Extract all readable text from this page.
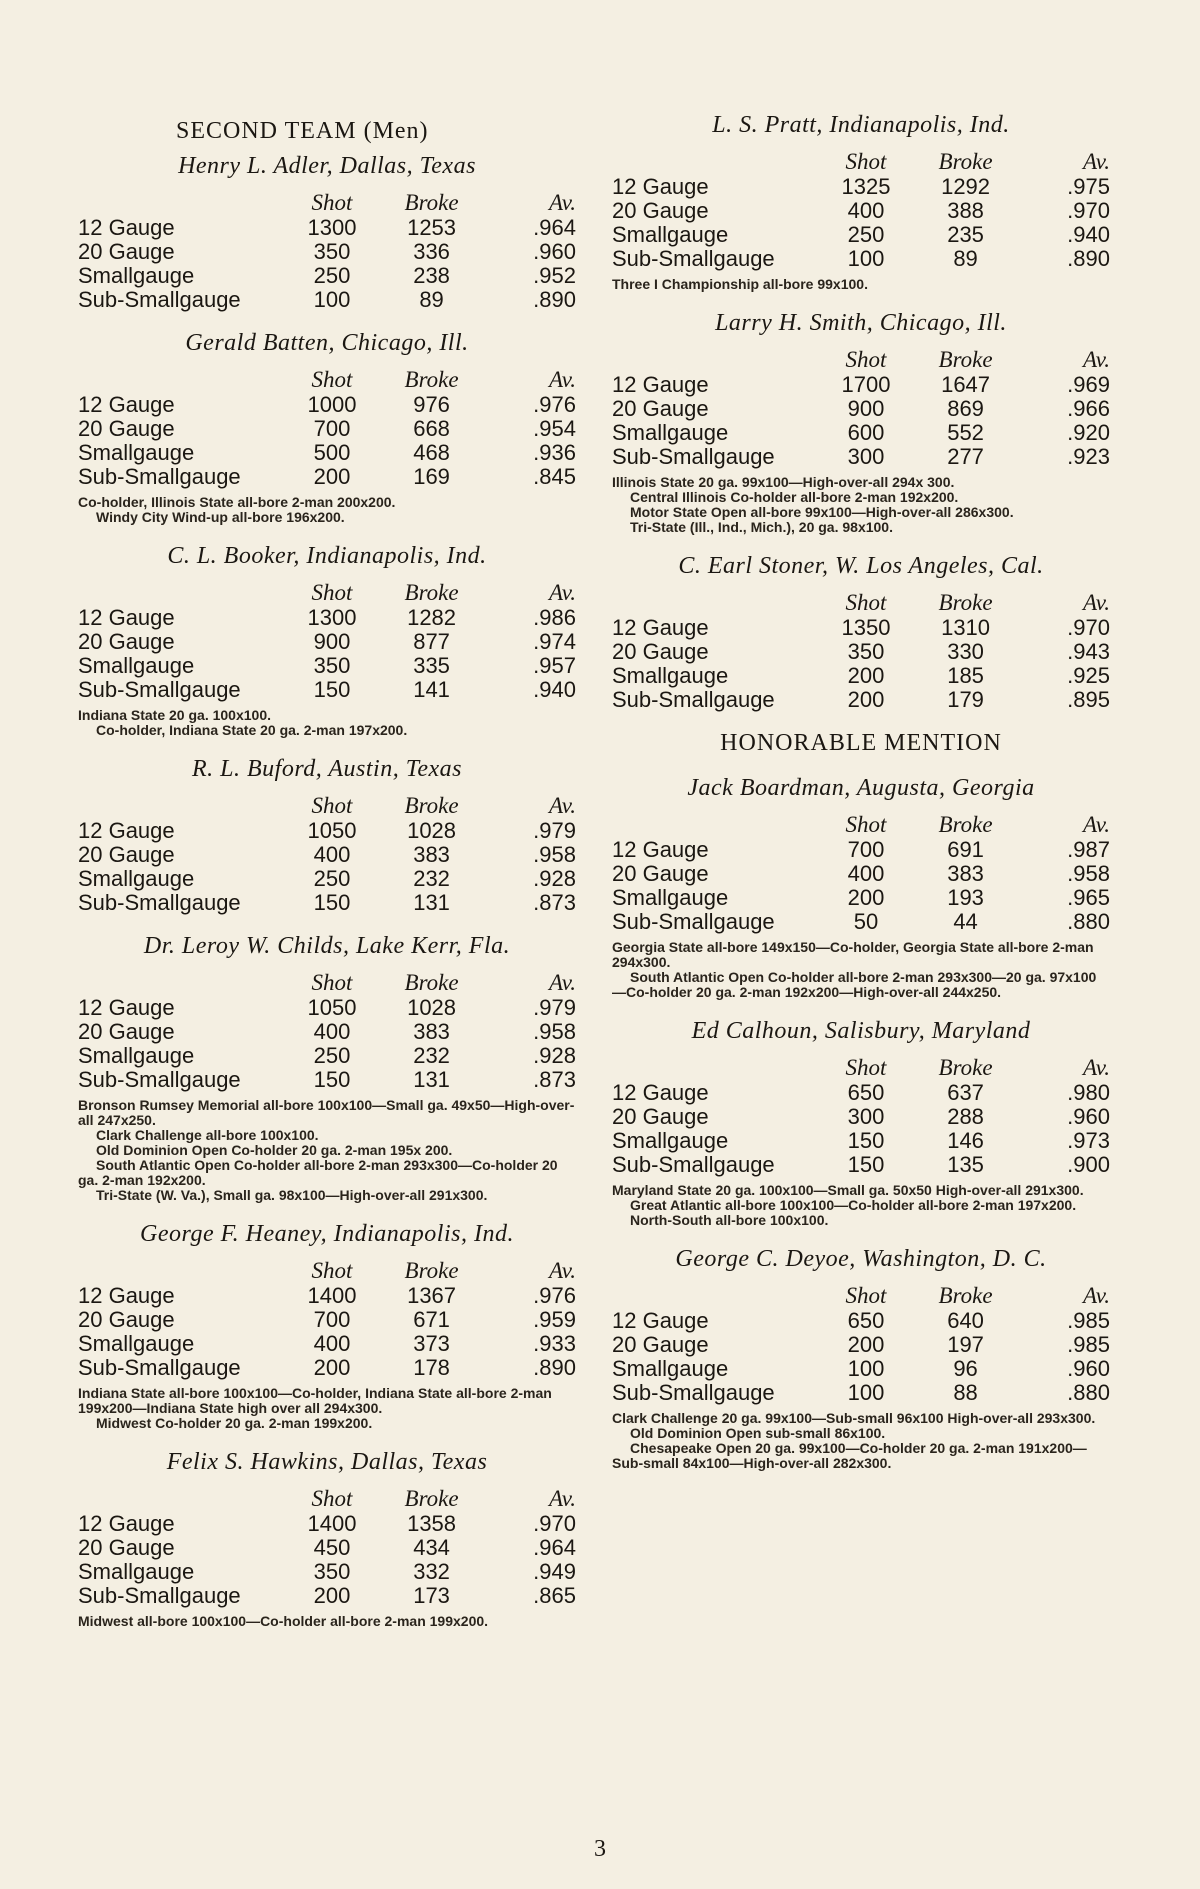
SECOND TEAM (Men)
Henry L. Adler, Dallas, Texas
	Shot	Broke	Av.
12 Gauge	1300	1253	.964
20 Gauge	350	336	.960
Smallgauge	250	238	.952
Sub-Smallgauge	100	89	.890
Gerald Batten, Chicago, Ill.
	Shot	Broke	Av.
12 Gauge	1000	976	.976
20 Gauge	700	668	.954
Smallgauge	500	468	.936
Sub-Smallgauge	200	169	.845

Co-holder, Illinois State all-bore 2-man 200x200.

Windy City Wind-up all-bore 196x200.

C. L. Booker, Indianapolis, Ind.
	Shot	Broke	Av.
12 Gauge	1300	1282	.986
20 Gauge	900	877	.974
Smallgauge	350	335	.957
Sub-Smallgauge	150	141	.940

Indiana State 20 ga. 100x100.

Co-holder, Indiana State 20 ga. 2-man 197x200.

R. L. Buford, Austin, Texas
	Shot	Broke	Av.
12 Gauge	1050	1028	.979
20 Gauge	400	383	.958
Smallgauge	250	232	.928
Sub-Smallgauge	150	131	.873
Dr. Leroy W. Childs, Lake Kerr, Fla.
	Shot	Broke	Av.
12 Gauge	1050	1028	.979
20 Gauge	400	383	.958
Smallgauge	250	232	.928
Sub-Smallgauge	150	131	.873

Bronson Rumsey Memorial all-bore 100x100—Small ga. 49x50—High-over-all 247x250.

Clark Challenge all-bore 100x100.

Old Dominion Open Co-holder 20 ga. 2-man 195x 200.

South Atlantic Open Co-holder all-bore 2-man 293x300—Co-holder 20 ga. 2-man 192x200.

Tri-State (W. Va.), Small ga. 98x100—High-over-all 291x300.

George F. Heaney, Indianapolis, Ind.
	Shot	Broke	Av.
12 Gauge	1400	1367	.976
20 Gauge	700	671	.959
Smallgauge	400	373	.933
Sub-Smallgauge	200	178	.890

Indiana State all-bore 100x100—Co-holder, Indiana State all-bore 2-man 199x200—Indiana State high over all 294x300.

Midwest Co-holder 20 ga. 2-man 199x200.

Felix S. Hawkins, Dallas, Texas
	Shot	Broke	Av.
12 Gauge	1400	1358	.970
20 Gauge	450	434	.964
Smallgauge	350	332	.949
Sub-Smallgauge	200	173	.865

Midwest all-bore 100x100—Co-holder all-bore 2-man 199x200.

L. S. Pratt, Indianapolis, Ind.
	Shot	Broke	Av.
12 Gauge	1325	1292	.975
20 Gauge	400	388	.970
Smallgauge	250	235	.940
Sub-Smallgauge	100	89	.890

Three I Championship all-bore 99x100.

Larry H. Smith, Chicago, Ill.
	Shot	Broke	Av.
12 Gauge	1700	1647	.969
20 Gauge	900	869	.966
Smallgauge	600	552	.920
Sub-Smallgauge	300	277	.923

Illinois State 20 ga. 99x100—High-over-all 294x 300.

Central Illinois Co-holder all-bore 2-man 192x200.

Motor State Open all-bore 99x100—High-over-all 286x300.

Tri-State (Ill., Ind., Mich.), 20 ga. 98x100.

C. Earl Stoner, W. Los Angeles, Cal.
	Shot	Broke	Av.
12 Gauge	1350	1310	.970
20 Gauge	350	330	.943
Smallgauge	200	185	.925
Sub-Smallgauge	200	179	.895
HONORABLE MENTION
Jack Boardman, Augusta, Georgia
	Shot	Broke	Av.
12 Gauge	700	691	.987
20 Gauge	400	383	.958
Smallgauge	200	193	.965
Sub-Smallgauge	50	44	.880

Georgia State all-bore 149x150—Co-holder, Georgia State all-bore 2-man 294x300.

South Atlantic Open Co-holder all-bore 2-man 293x300—20 ga. 97x100—Co-holder 20 ga. 2-man 192x200—High-over-all 244x250.

Ed Calhoun, Salisbury, Maryland
	Shot	Broke	Av.
12 Gauge	650	637	.980
20 Gauge	300	288	.960
Smallgauge	150	146	.973
Sub-Smallgauge	150	135	.900

Maryland State 20 ga. 100x100—Small ga. 50x50 High-over-all 291x300.

Great Atlantic all-bore 100x100—Co-holder all-bore 2-man 197x200.

North-South all-bore 100x100.

George C. Deyoe, Washington, D. C.
	Shot	Broke	Av.
12 Gauge	650	640	.985
20 Gauge	200	197	.985
Smallgauge	100	96	.960
Sub-Smallgauge	100	88	.880

Clark Challenge 20 ga. 99x100—Sub-small 96x100 High-over-all 293x300.

Old Dominion Open sub-small 86x100.

Chesapeake Open 20 ga. 99x100—Co-holder 20 ga. 2-man 191x200—Sub-small 84x100—High-over-all 282x300.

3
